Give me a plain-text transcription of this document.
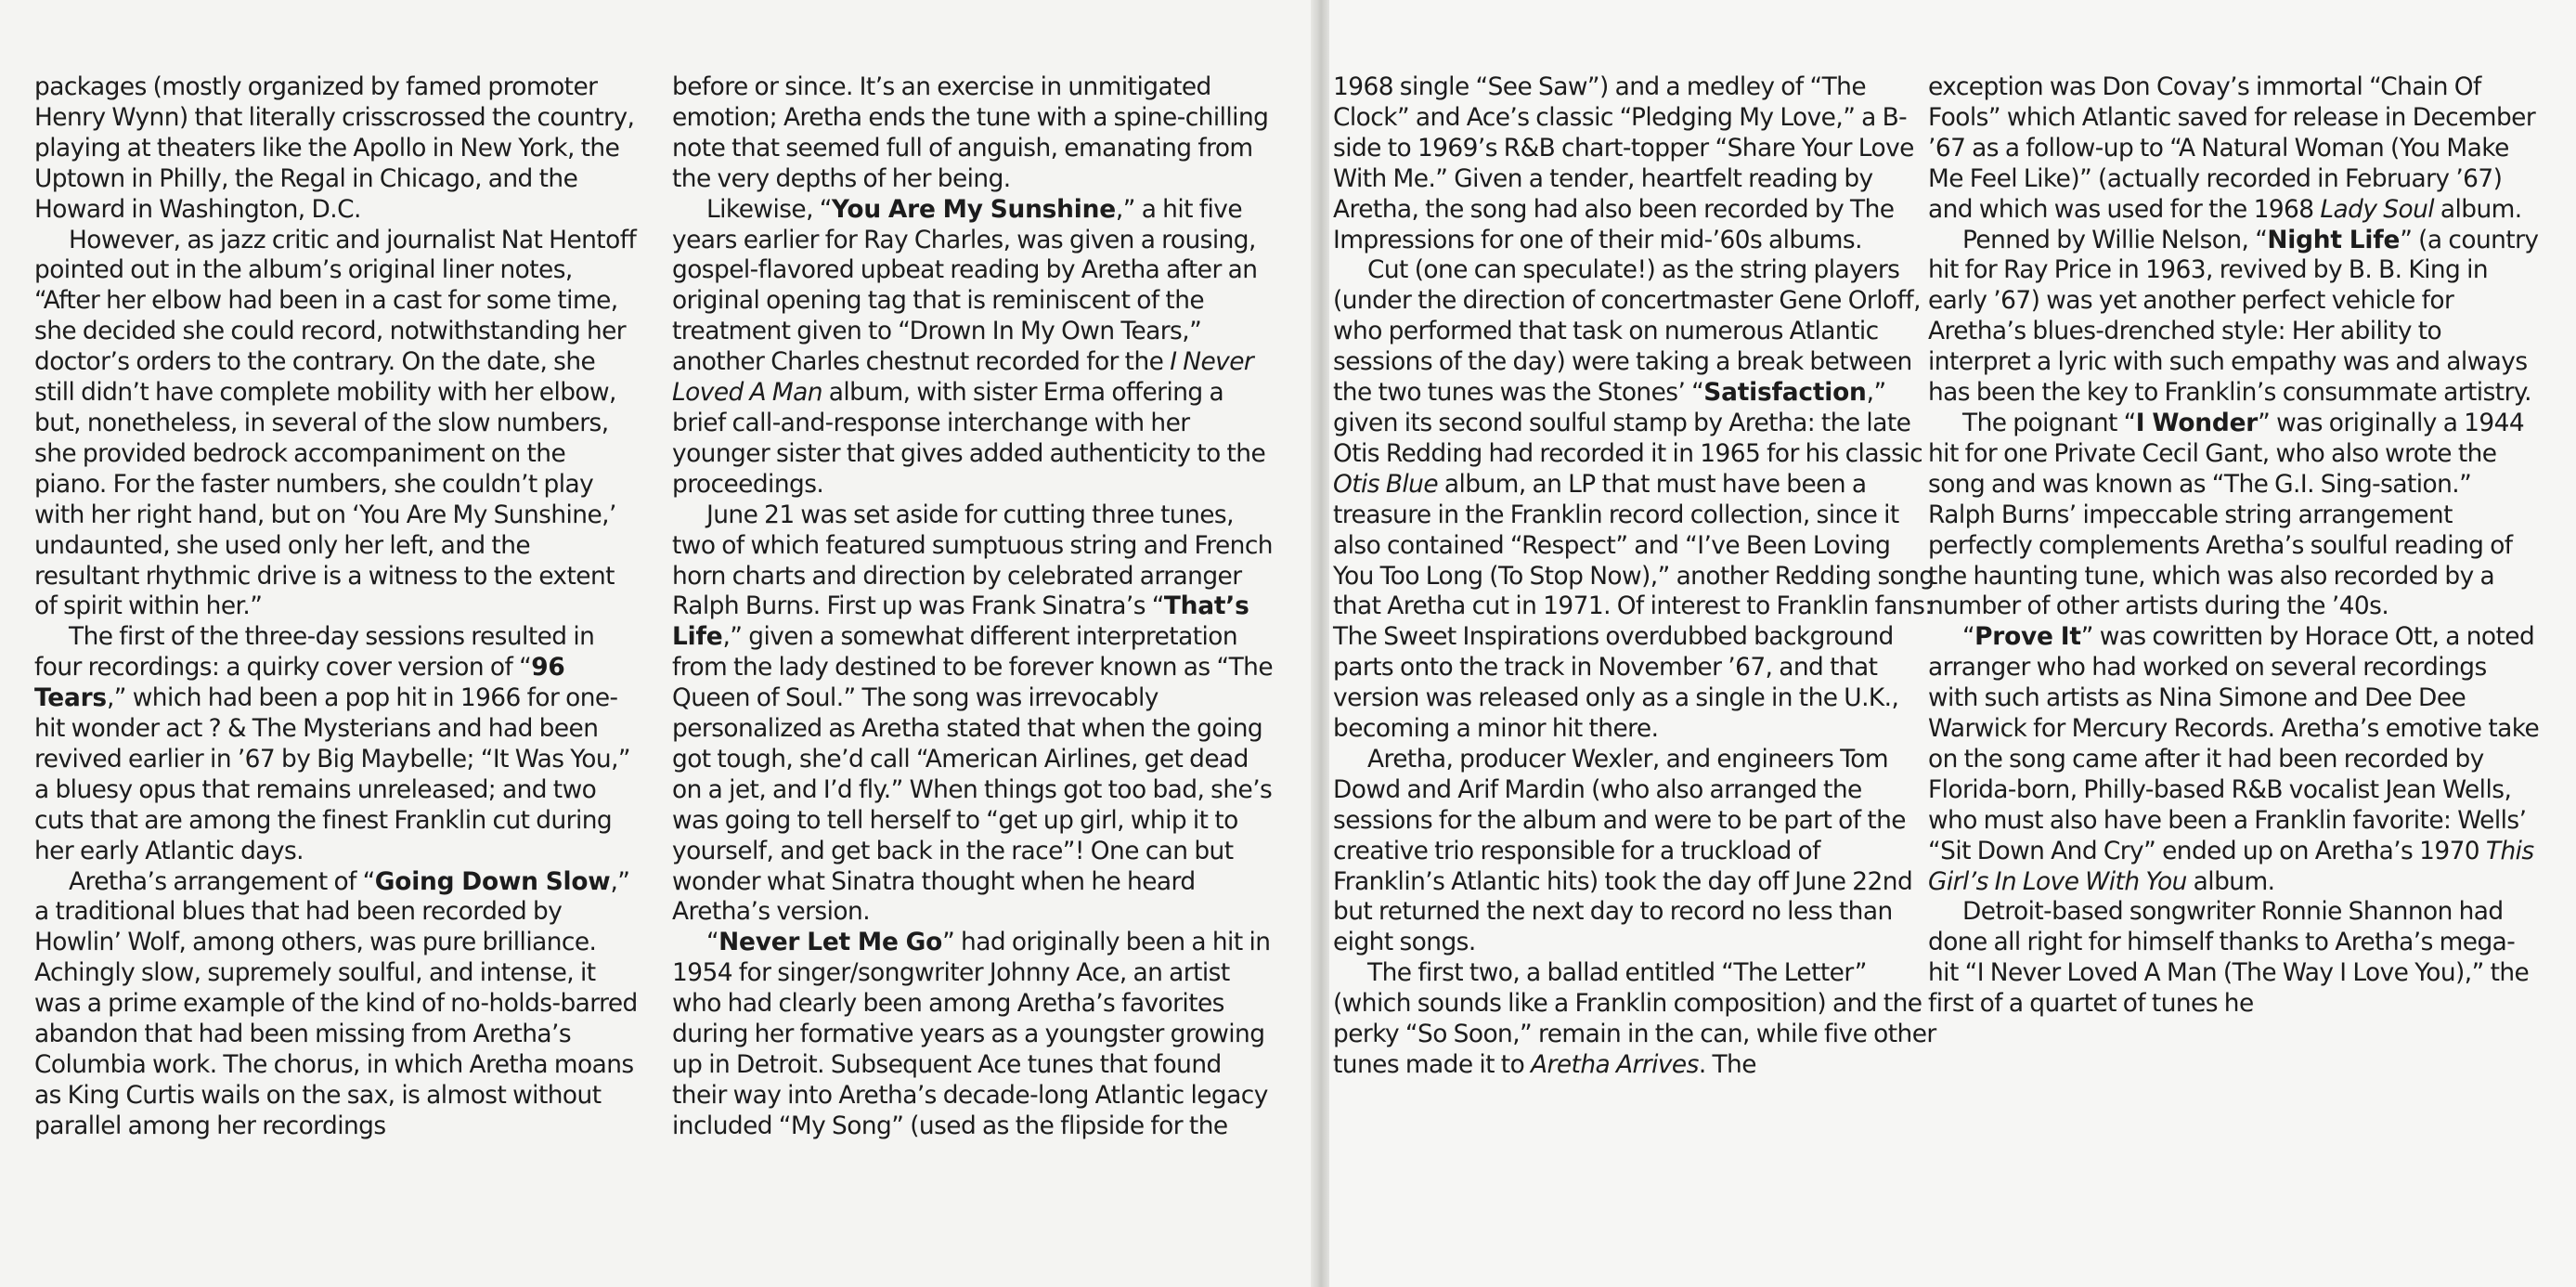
packages (mostly organized by famed promoter Henry Wynn) that literally crisscrossed the country, playing at theaters like the Apollo in New York, the Uptown in Philly, the Regal in Chicago, and the Howard in Washington, D.C.

However, as jazz critic and journalist Nat Hentoff pointed out in the album’s original liner notes, “After her elbow had been in a cast for some time, she decided she could record, notwithstanding her doctor’s orders to the contrary. On the date, she still didn’t have complete mobility with her elbow, but, nonetheless, in several of the slow numbers, she provided bedrock accompaniment on the piano. For the faster numbers, she couldn’t play with her right hand, but on ‘You Are My Sunshine,’ undaunted, she used only her left, and the resultant rhythmic drive is a witness to the extent of spirit within her.”

The first of the three-day sessions resulted in four recordings: a quirky cover version of “96 Tears,” which had been a pop hit in 1966 for one-hit wonder act ? & The Mysterians and had been revived earlier in ’67 by Big Maybelle; “It Was You,” a bluesy opus that remains unreleased; and two cuts that are among the finest Franklin cut during her early Atlantic days.

Aretha’s arrangement of “Going Down Slow,” a traditional blues that had been recorded by Howlin’ Wolf, among others, was pure brilliance. Achingly slow, supremely soulful, and intense, it was a prime example of the kind of no-holds-barred abandon that had been missing from Aretha’s Columbia work. The chorus, in which Aretha moans as King Curtis wails on the sax, is almost without parallel among her recordings

before or since. It’s an exercise in unmitigated emotion; Aretha ends the tune with a spine-chilling note that seemed full of anguish, emanating from the very depths of her being.

Likewise, “You Are My Sunshine,” a hit five years earlier for Ray Charles, was given a rousing, gospel-flavored upbeat reading by Aretha after an original opening tag that is reminiscent of the treatment given to “Drown In My Own Tears,” another Charles chestnut recorded for the I Never Loved A Man album, with sister Erma offering a brief call-and-response interchange with her younger sister that gives added authenticity to the proceedings.

June 21 was set aside for cutting three tunes, two of which featured sumptuous string and French horn charts and direction by celebrated arranger Ralph Burns. First up was Frank Sinatra’s “That’s Life,” given a somewhat different interpretation from the lady destined to be forever known as “The Queen of Soul.” The song was irrevocably personalized as Aretha stated that when the going got tough, she’d call “American Airlines, get dead on a jet, and I’d fly.” When things got too bad, she’s was going to tell herself to “get up girl, whip it to yourself, and get back in the race”! One can but wonder what Sinatra thought when he heard Aretha’s version.

“Never Let Me Go” had originally been a hit in 1954 for singer/songwriter Johnny Ace, an artist who had clearly been among Aretha’s favorites during her formative years as a youngster growing up in Detroit. Subsequent Ace tunes that found their way into Aretha’s decade-long Atlantic legacy included “My Song” (used as the flipside for the

1968 single “See Saw”) and a medley of “The Clock” and Ace’s classic “Pledging My Love,” a B-side to 1969’s R&B chart-topper “Share Your Love With Me.” Given a tender, heartfelt reading by Aretha, the song had also been recorded by The Impressions for one of their mid-’60s albums.

Cut (one can speculate!) as the string players (under the direction of concertmaster Gene Orloff, who performed that task on numerous Atlantic sessions of the day) were taking a break between the two tunes was the Stones’ “Satisfaction,” given its second soulful stamp by Aretha: the late Otis Redding had recorded it in 1965 for his classic Otis Blue album, an LP that must have been a treasure in the Franklin record collection, since it also contained “Respect” and “I’ve Been Loving You Too Long (To Stop Now),” another Redding song that Aretha cut in 1971. Of interest to Franklin fans: The Sweet Inspirations overdubbed background parts onto the track in November ’67, and that version was released only as a single in the U.K., becoming a minor hit there.

Aretha, producer Wexler, and engineers Tom Dowd and Arif Mardin (who also arranged the sessions for the album and were to be part of the creative trio responsible for a truckload of Franklin’s Atlantic hits) took the day off June 22nd but returned the next day to record no less than eight songs.

The first two, a ballad entitled “The Letter” (which sounds like a Franklin composition) and the perky “So Soon,” remain in the can, while five other tunes made it to Aretha Arrives. The

exception was Don Covay’s immortal “Chain Of Fools” which Atlantic saved for release in December ’67 as a follow-up to “A Natural Woman (You Make Me Feel Like)” (actually recorded in February ’67) and which was used for the 1968 Lady Soul album.

Penned by Willie Nelson, “Night Life” (a country hit for Ray Price in 1963, revived by B. B. King in early ’67) was yet another perfect vehicle for Aretha’s blues-drenched style: Her ability to interpret a lyric with such empathy was and always has been the key to Franklin’s consummate artistry.

The poignant “I Wonder” was originally a 1944 hit for one Private Cecil Gant, who also wrote the song and was known as “The G.I. Sing-sation.” Ralph Burns’ impeccable string arrangement perfectly complements Aretha’s soulful reading of the haunting tune, which was also recorded by a number of other artists during the ’40s.

“Prove It” was cowritten by Horace Ott, a noted arranger who had worked on several recordings with such artists as Nina Simone and Dee Dee Warwick for Mercury Records. Aretha’s emotive take on the song came after it had been recorded by Florida-born, Philly-based R&B vocalist Jean Wells, who must also have been a Franklin favorite: Wells’ “Sit Down And Cry” ended up on Aretha’s 1970 This Girl’s In Love With You album.

Detroit-based songwriter Ronnie Shannon had done all right for himself thanks to Aretha’s mega-hit “I Never Loved A Man (The Way I Love You),” the first of a quartet of tunes he
